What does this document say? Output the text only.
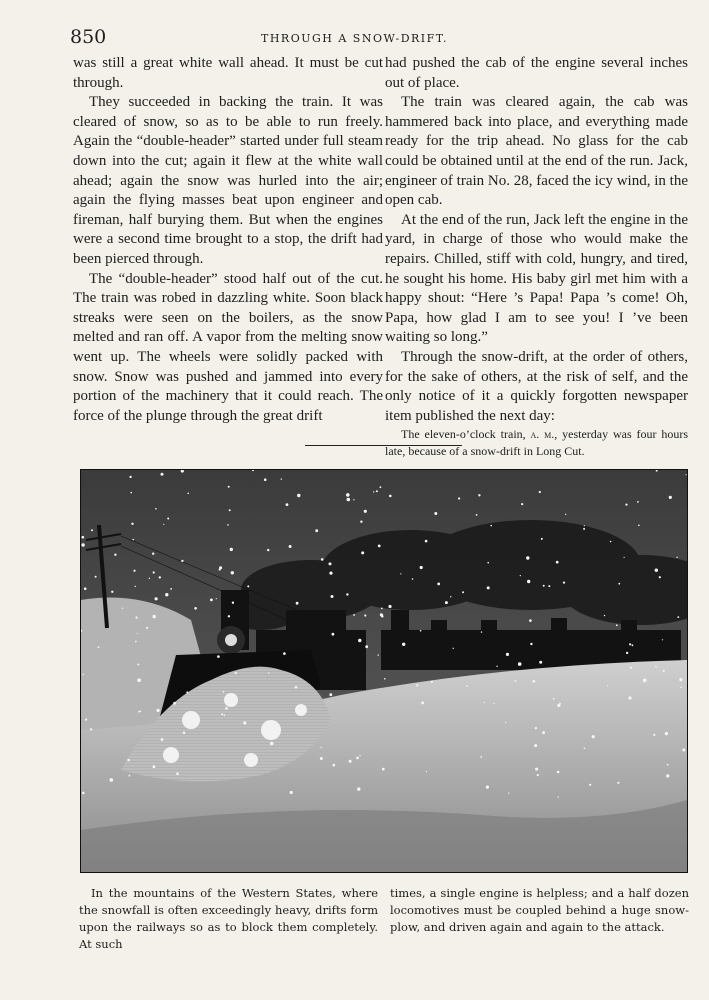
850	THROUGH A SNOW-DRIFT.

was still a great white wall ahead. It must be cut through.

They succeeded in backing the train. It was cleared of snow, so as to be able to run freely. Again the “double-header” started under full steam down into the cut; again it flew at the white wall ahead; again the snow was hurled into the air; again the flying masses beat upon engineer and fireman, half burying them. But when the engines were a second time brought to a stop, the drift had been pierced through.

The “double-header” stood half out of the cut. The train was robed in dazzling white. Soon black streaks were seen on the boilers, as the snow melted and ran off. A vapor from the melting snow went up. The wheels were solidly packed with snow. Snow was pushed and jammed into every portion of the machinery that it could reach. The force of the plunge through the great drift

had pushed the cab of the engine several inches out of place.

The train was cleared again, the cab was hammered back into place, and everything made ready for the trip ahead. No glass for the cab could be obtained until at the end of the run. Jack, engineer of train No. 28, faced the icy wind, in the open cab.

At the end of the run, Jack left the engine in the yard, in charge of those who would make the repairs. Chilled, stiff with cold, hungry, and tired, he sought his home. His baby girl met him with a happy shout: “Here ’s Papa! Papa ’s come! Oh, Papa, how glad I am to see you! I ’ve been waiting so long.”

Through the snow-drift, at the order of others, for the sake of others, at the risk of self, and the only notice of it a quickly forgotten newspaper item published the next day:

The eleven-o’clock train, a. m., yesterday was four hours late, because of a snow-drift in Long Cut.

In the mountains of the Western States, where the snowfall is often exceedingly heavy, drifts form upon the railways so as to block them completely. At such
times, a single engine is helpless; and a half dozen locomotives must be coupled behind a huge snow-plow, and driven again and again to the attack.
